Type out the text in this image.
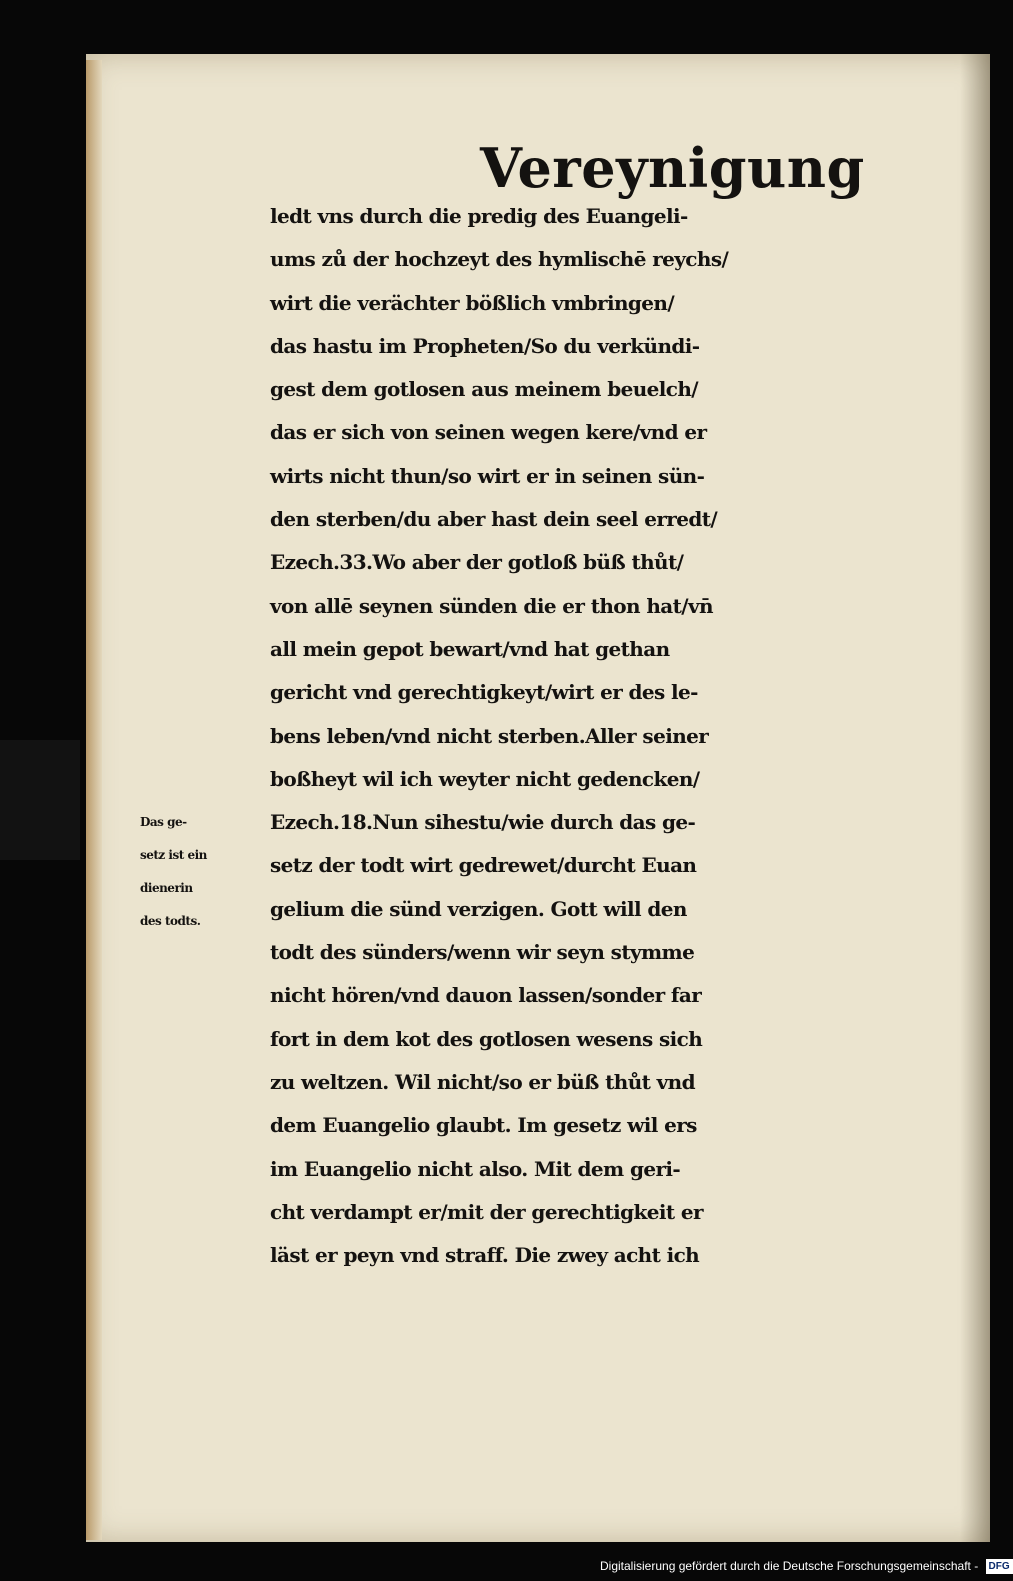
Vereynigung
ledt vns durch die predig des Euangeli-
ums zů der hochzeyt des hymlischē reychs/
wirt die verächter bößlich vmbringen/
das hastu im Propheten/So du verkündi-
gest dem gotlosen aus meinem beuelch/
das er sich von seinen wegen kere/vnd er
wirts nicht thun/so wirt er in seinen sün-
den sterben/du aber hast dein seel erredt/
Ezech.33.Wo aber der gotloß büß thůt/
von allē seynen sünden die er thon hat/vn̄
all mein gepot bewart/vnd hat gethan
gericht vnd gerechtigkeyt/wirt er des le-
bens leben/vnd nicht sterben.Aller seiner
boßheyt wil ich weyter nicht gedencken/
Ezech.18.Nun sihestu/wie durch das ge-
setz der todt wirt gedrewet/durcht Euan
gelium die sünd verzigen. Gott will den
todt des sünders/wenn wir seyn stymme
nicht hören/vnd dauon lassen/sonder far
fort in dem kot des gotlosen wesens sich
zu weltzen. Wil nicht/so er büß thůt vnd
dem Euangelio glaubt. Im gesetz wil ers
im Euangelio nicht also. Mit dem geri-
cht verdampt er/mit der gerechtigkeit er
läst er peyn vnd straff. Die zwey acht ich
Das ge-
setz ist ein
dienerin
des todts.
Digitalisierung gefördert durch die Deutsche Forschungsgemeinschaft - DFG
